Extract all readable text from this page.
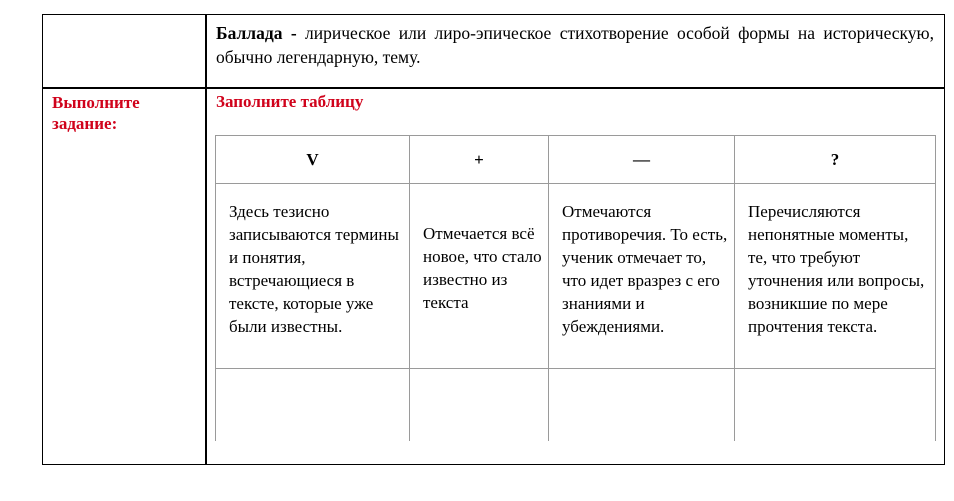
Баллада - лирическое или лиро-эпическое стихотворение особой формы на историческую, обычно легендарную, тему.
Выполните задание:
Заполните таблицу
V	+	—	?
Здесь тезисно записываются термины и понятия, встречающиеся в тексте, которые уже были известны.	Отмечается всё новое, что стало известно из текста	Отмечаются противоречия. То есть, ученик отмечает то, что идет вразрез с его знаниями и убеждениями.	Перечисляются непонятные моменты, те, что требуют уточнения или вопросы, возникшие по мере прочтения текста.
